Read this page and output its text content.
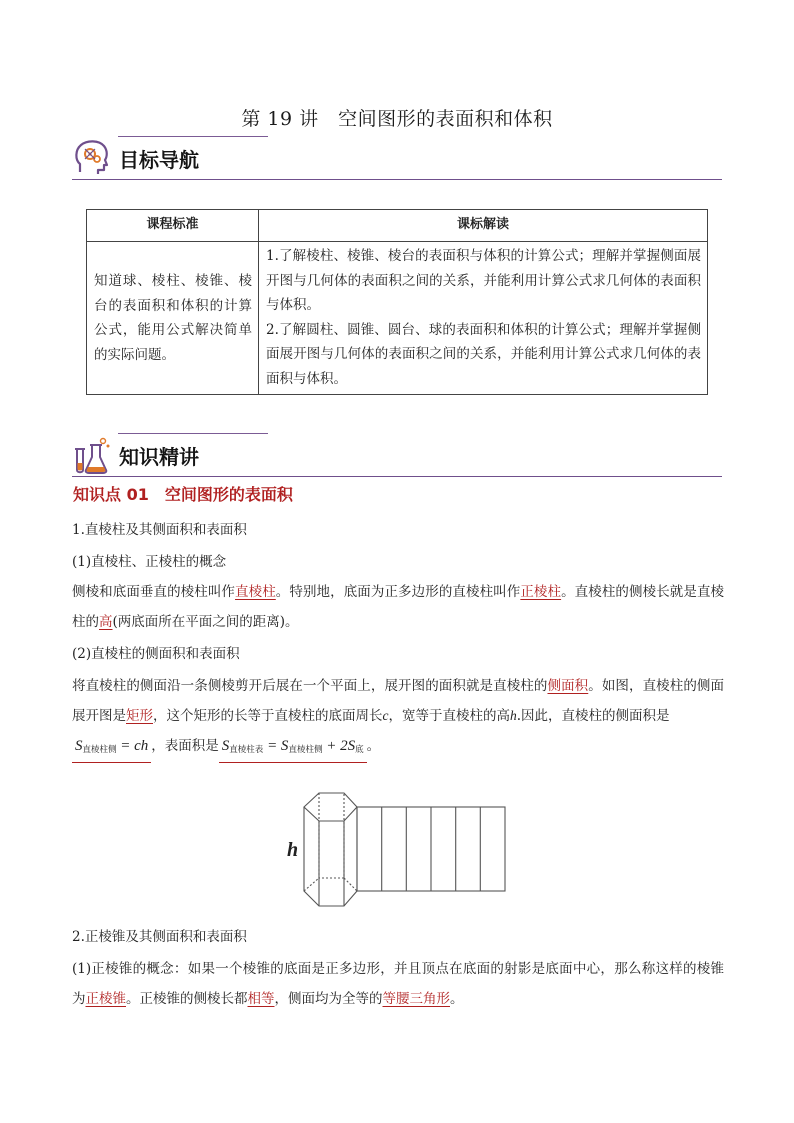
第 19 讲　空间图形的表面积和体积
目标导航
课程标准	课标解读
知道球、棱柱、棱锥、棱台的表面积和体积的计算公式，能用公式解决简单的实际问题。	1.了解棱柱、棱锥、棱台的表面积与体积的计算公式；理解并掌握侧面展开图与几何体的表面积之间的关系，并能利用计算公式求几何体的表面积与体积。
2.了解圆柱、圆锥、圆台、球的表面积和体积的计算公式；理解并掌握侧面展开图与几何体的表面积之间的关系，并能利用计算公式求几何体的表面积与体积。
知识精讲
知识点 01　空间图形的表面积
1.直棱柱及其侧面积和表面积
(1)直棱柱、正棱柱的概念
侧棱和底面垂直的棱柱叫作直棱柱。特别地，底面为正多边形的直棱柱叫作正棱柱。直棱柱的侧棱长就是直棱柱的高(两底面所在平面之间的距离)。
(2)直棱柱的侧面积和表面积
将直棱柱的侧面沿一条侧棱剪开后展在一个平面上，展开图的面积就是直棱柱的侧面积。如图，直棱柱的侧面展开图是矩形，这个矩形的长等于直棱柱的底面周长c，宽等于直棱柱的高h.因此，直棱柱的侧面积是
$S_{直棱柱侧}$ = ch ，表面积是 $S_{直棱柱表} = S_{直棱柱侧} + 2S_底$ 。
h
2.正棱锥及其侧面积和表面积
(1)正棱锥的概念：如果一个棱锥的底面是正多边形，并且顶点在底面的射影是底面中心，那么称这样的棱锥为正棱锥。正棱锥的侧棱长都相等，侧面均为全等的等腰三角形。
